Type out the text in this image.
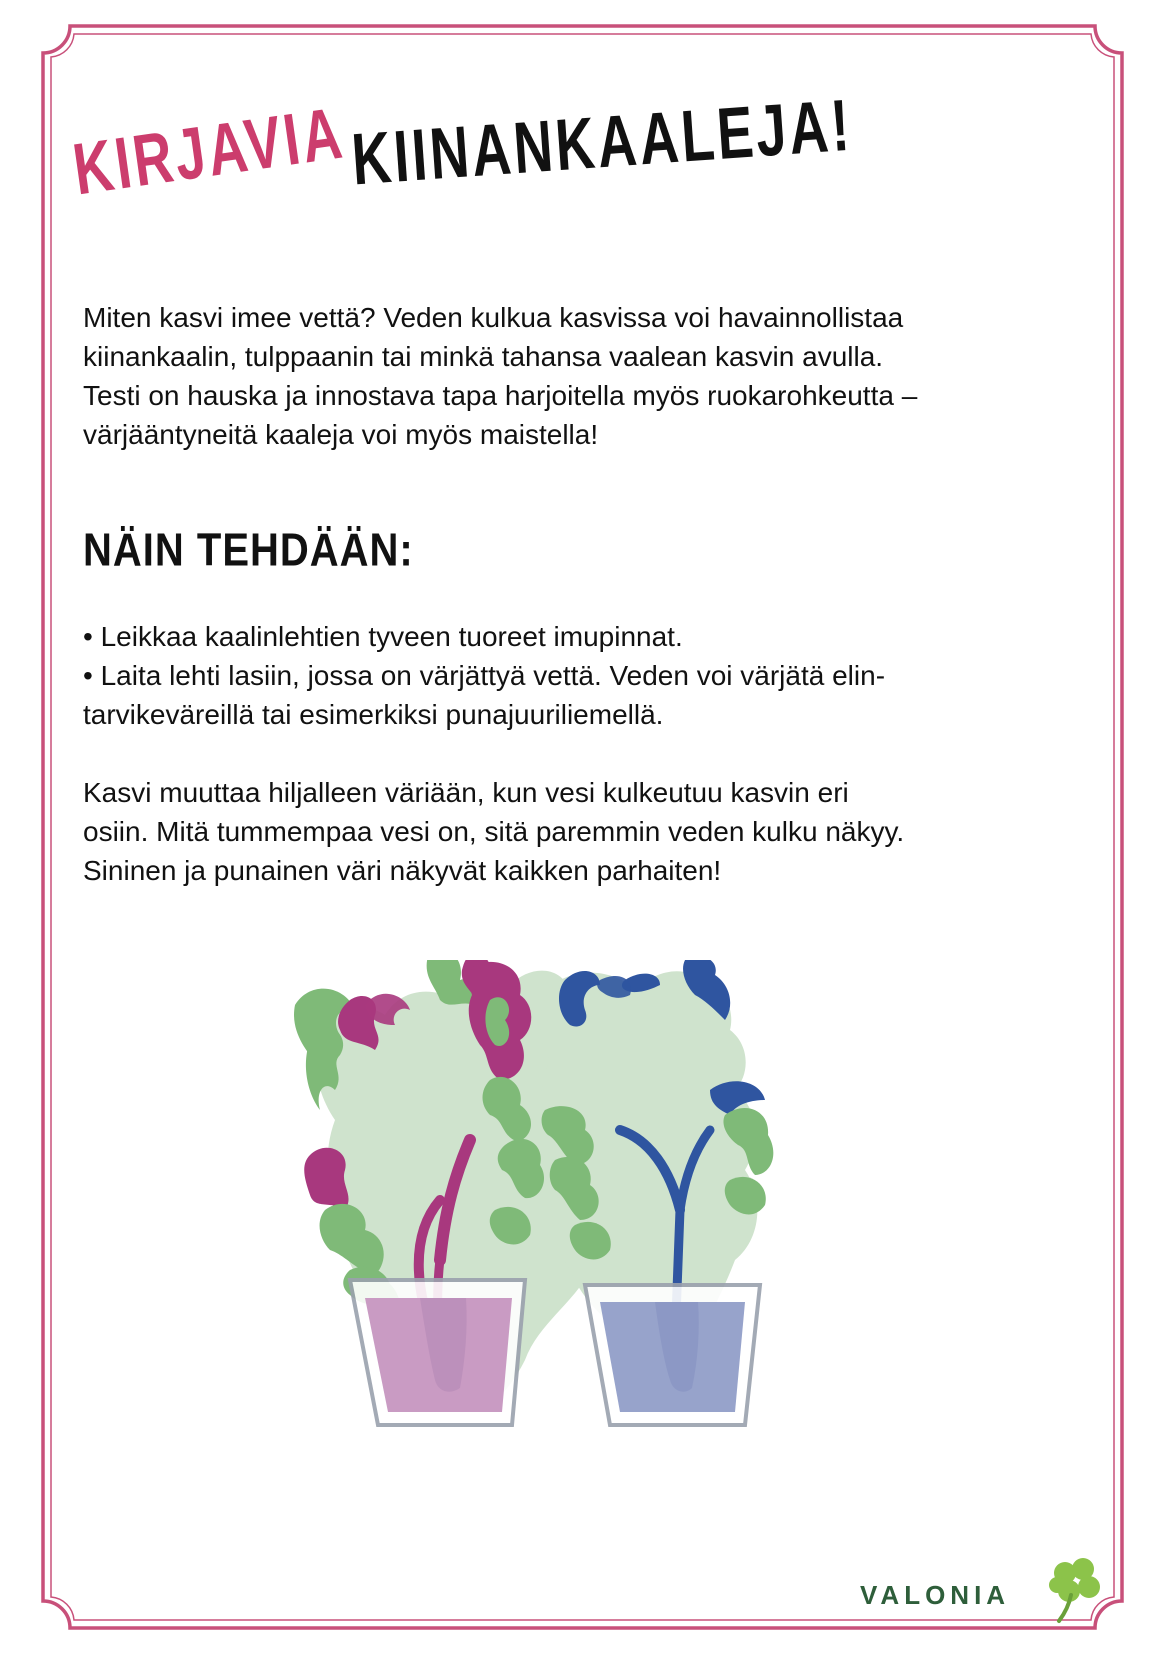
KIRJAVIA KIINANKAALEJA!
Miten kasvi imee vettä? Veden kulkua kasvissa voi havainnollistaa
kiinankaalin, tulppaanin tai minkä tahansa vaalean kasvin avulla.
Testi on hauska ja innostava tapa harjoitella myös ruokarohkeutta –
värjääntyneitä kaaleja voi myös maistella!
NÄIN TEHDÄÄN:
• Leikkaa kaalinlehtien tyveen tuoreet imupinnat.
• Laita lehti lasiin, jossa on värjättyä vettä. Veden voi värjätä elin-
tarvikeväreillä tai esimerkiksi punajuuriliemellä.
Kasvi muuttaa hiljalleen väriään, kun vesi kulkeutuu kasvin eri
osiin. Mitä tummempaa vesi on, sitä paremmin veden kulku näkyy.
Sininen ja punainen väri näkyvät kaikken parhaiten!
VALONIA
